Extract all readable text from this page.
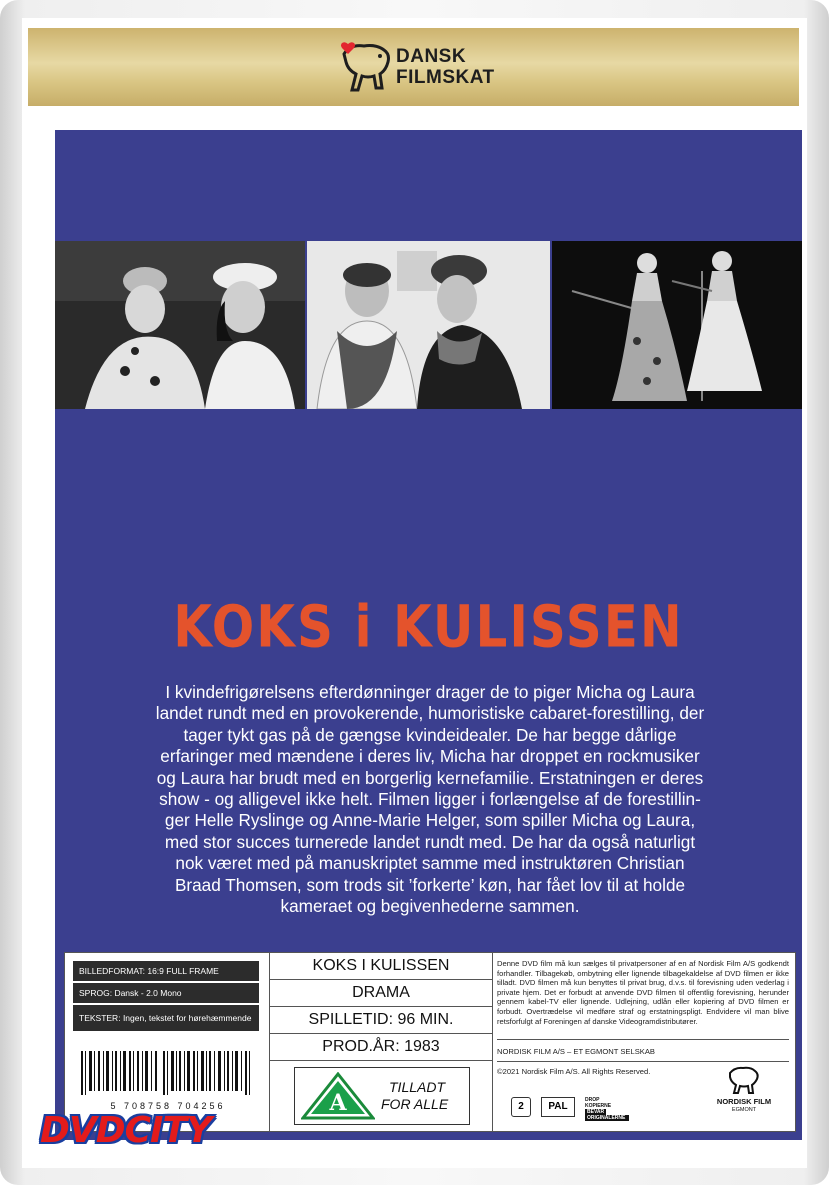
DANSK
FILMSKAT
KOKS i KULISSEN
I kvindefrigørelsens efterdønninger drager de to piger Micha og Laura
landet rundt med en provokerende, humoristiske cabaret-forestilling, der
tager tykt gas på de gængse kvindeidealer. De har begge dårlige
erfaringer med mændene i deres liv, Micha har droppet en rockmusiker
og Laura har brudt med en borgerlig kernefamilie. Erstatningen er deres
show - og alligevel ikke helt. Filmen ligger i forlængelse af de forestillin-
ger Helle Ryslinge og Anne-Marie Helger, som spiller Micha og Laura,
med stor succes turnerede landet rundt med. De har da også naturligt
nok været med på manuskriptet samme med instruktøren Christian
Braad Thomsen, som trods sit ’forkerte’ køn, har fået lov til at holde
kameraet og begivenhederne sammen.
BILLEDFORMAT: 16:9 FULL FRAME
SPROG: Dansk - 2.0 Mono
TEKSTER: Ingen, tekstet for hørehæmmende
5 708758 704256
KOKS I KULISSEN
DRAMA
SPILLETID: 96 MIN.
PROD.ÅR: 1983
A
TILLADT
FOR ALLE
Denne DVD film må kun sælges til privatpersoner af en af Nordisk Film A/S godkendt forhandler. Tilbagekøb, ombytning eller lignende tilbagekaldelse af DVD filmen er ikke tilladt. DVD filmen må kun benyttes til privat brug, d.v.s. til forevisning uden vederlag i private hjem. Det er forbudt at anvende DVD filmen til offentlig forevisning, herunder gennem kabel-TV eller lignende. Udlejning, udlån eller kopiering af DVD filmen er forbudt. Overtrædelse vil medføre straf og erstatningspligt. Endvidere vil man blive retsforfulgt af Foreningen af danske Videogramdistributører.
NORDISK FILM A/S – ET EGMONT SELSKAB
©2021 Nordisk Film A/S. All Rights Reserved.
2	PAL
DROP
KOPIERNE BEVAR
ORIGINALERNE
NORDISK FILM
EGMONT
DVDCITY
